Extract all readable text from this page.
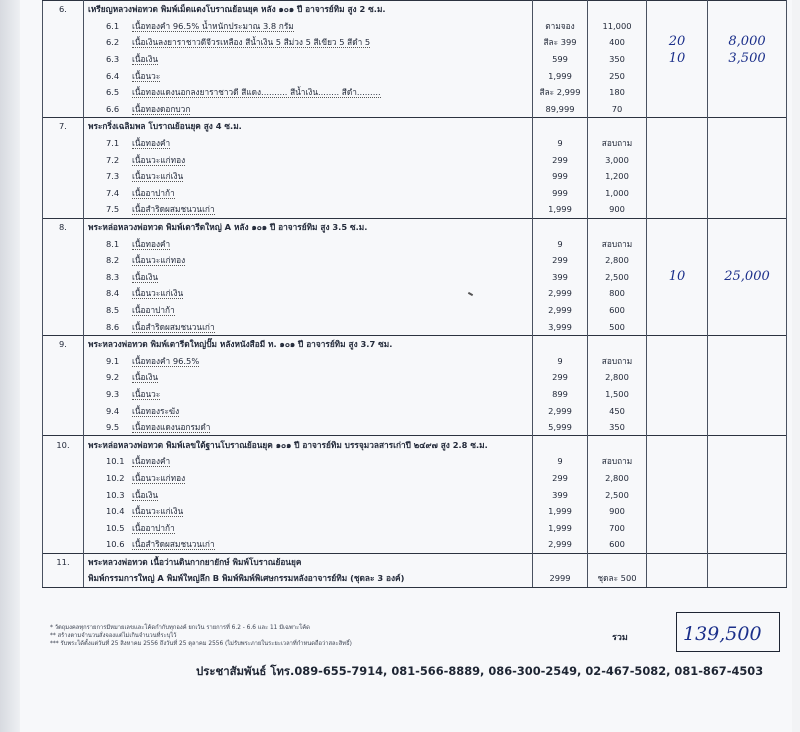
6.	เหรียญหลวงพ่อทวด พิมพ์เม็ดแตงโบราณย้อนยุค หลัง ๑๐๑ ปี อาจารย์ทิม สูง 2 ซ.ม.				
	6.1 เนื้อทองคำ 96.5% น้ำหนักประมาณ 3.8 กรัม	ตามจอง	11,000		
	6.2 เนื้อเงินลงยาราชาวดีจีวรเหลือง สีน้ำเงิน 5 สีม่วง 5 สีเขียว 5 สีดำ 5	สีละ 399	400	20	8,000
	6.3 เนื้อเงิน	599	350	10	3,500
	6.4 เนื้อนวะ	1,999	250		
	6.5 เนื้อทองแดงนอกลงยาราชาวดี สีแดง.......... สีน้ำเงิน........ สีดำ.........	สีละ 2,999	180		
	6.6 เนื้อทองดอกบวก	89,999	70		
7.	พระกริ่งเฉลิมพล โบราณย้อนยุค สูง 4 ซ.ม.				
	7.1 เนื้อทองคำ	9	สอบถาม		
	7.2 เนื้อนวะแก่ทอง	299	3,000		
	7.3 เนื้อนวะแก่เงิน	999	1,200		
	7.4 เนื้ออาปาก้า	999	1,000		
	7.5 เนื้อสำริดผสมชนวนเก่า	1,999	900		
8.	พระหล่อหลวงพ่อทวด พิมพ์เตารีดใหญ่ A หลัง ๑๐๑ ปี อาจารย์ทิม สูง 3.5 ซ.ม.				
	8.1 เนื้อทองคำ	9	สอบถาม		
	8.2 เนื้อนวะแก่ทอง	299	2,800		
	8.3 เนื้อเงิน	399	2,500	10	25,000
	8.4 เนื้อนวะแก่เงิน	2,999	800		
	8.5 เนื้ออาปาก้า	2,999	600		
	8.6 เนื้อสำริดผสมชนวนเก่า	3,999	500		
9.	พระหลวงพ่อทวด พิมพ์เตารีดใหญ่ปั๊ม หลังหนังสือมี ท. ๑๐๑ ปี อาจารย์ทิม สูง 3.7 ซม.				
	9.1 เนื้อทองคำ 96.5%	9	สอบถาม		
	9.2 เนื้อเงิน	299	2,800		
	9.3 เนื้อนวะ	899	1,500		
	9.4 เนื้อทองระฆัง	2,999	450		
	9.5 เนื้อทองแดงนอกรมดำ	5,999	350		
10.	พระหล่อหลวงพ่อทวด พิมพ์เลขใต้ฐานโบราณย้อนยุค ๑๐๑ ปี อาจารย์ทิม บรรจุมวลสารเก่าปี ๒๔๙๗ สูง 2.8 ซ.ม.				
	10.1 เนื้อทองคำ	9	สอบถาม		
	10.2 เนื้อนวะแก่ทอง	299	2,800		
	10.3 เนื้อเงิน	399	2,500		
	10.4 เนื้อนวะแก่เงิน	1,999	900		
	10.5 เนื้ออาปาก้า	1,999	700		
	10.6 เนื้อสำริดผสมชนวนเก่า	2,999	600		
11.	พระหลวงพ่อทวด เนื้อว่านดินกากยายักษ์ พิมพ์โบราณย้อนยุค				
	พิมพ์กรรมการใหญ่ A พิมพ์ใหญ่ลึก B พิมพ์พิมพ์พิเศษกรรมหลังอาจารย์ทิม (ชุดละ 3 องค์)	2999	ชุดละ 500		
* วัตถุมงคลทุกรายการมีหมายเลขและโค้ดกำกับทุกองค์ ยกเว้น รายการที่ 6.2 - 6.6 และ 11 มีเฉพาะโค้ด
** สร้างตามจำนวนสั่งจองแต่ไม่เกินจำนวนที่ระบุไว้
*** รับพระได้ตั้งแต่วันที่ 25 สิงหาคม 2556 ถึงวันที่ 25 ตุลาคม 2556 (ไม่รับพระภายในระยะเวลาที่กำหนดถือว่าสละสิทธิ์)
รวม	139,500
ประชาสัมพันธ์ โทร.089-655-7914, 081-566-8889, 086-300-2549, 02-467-5082, 081-867-4503
